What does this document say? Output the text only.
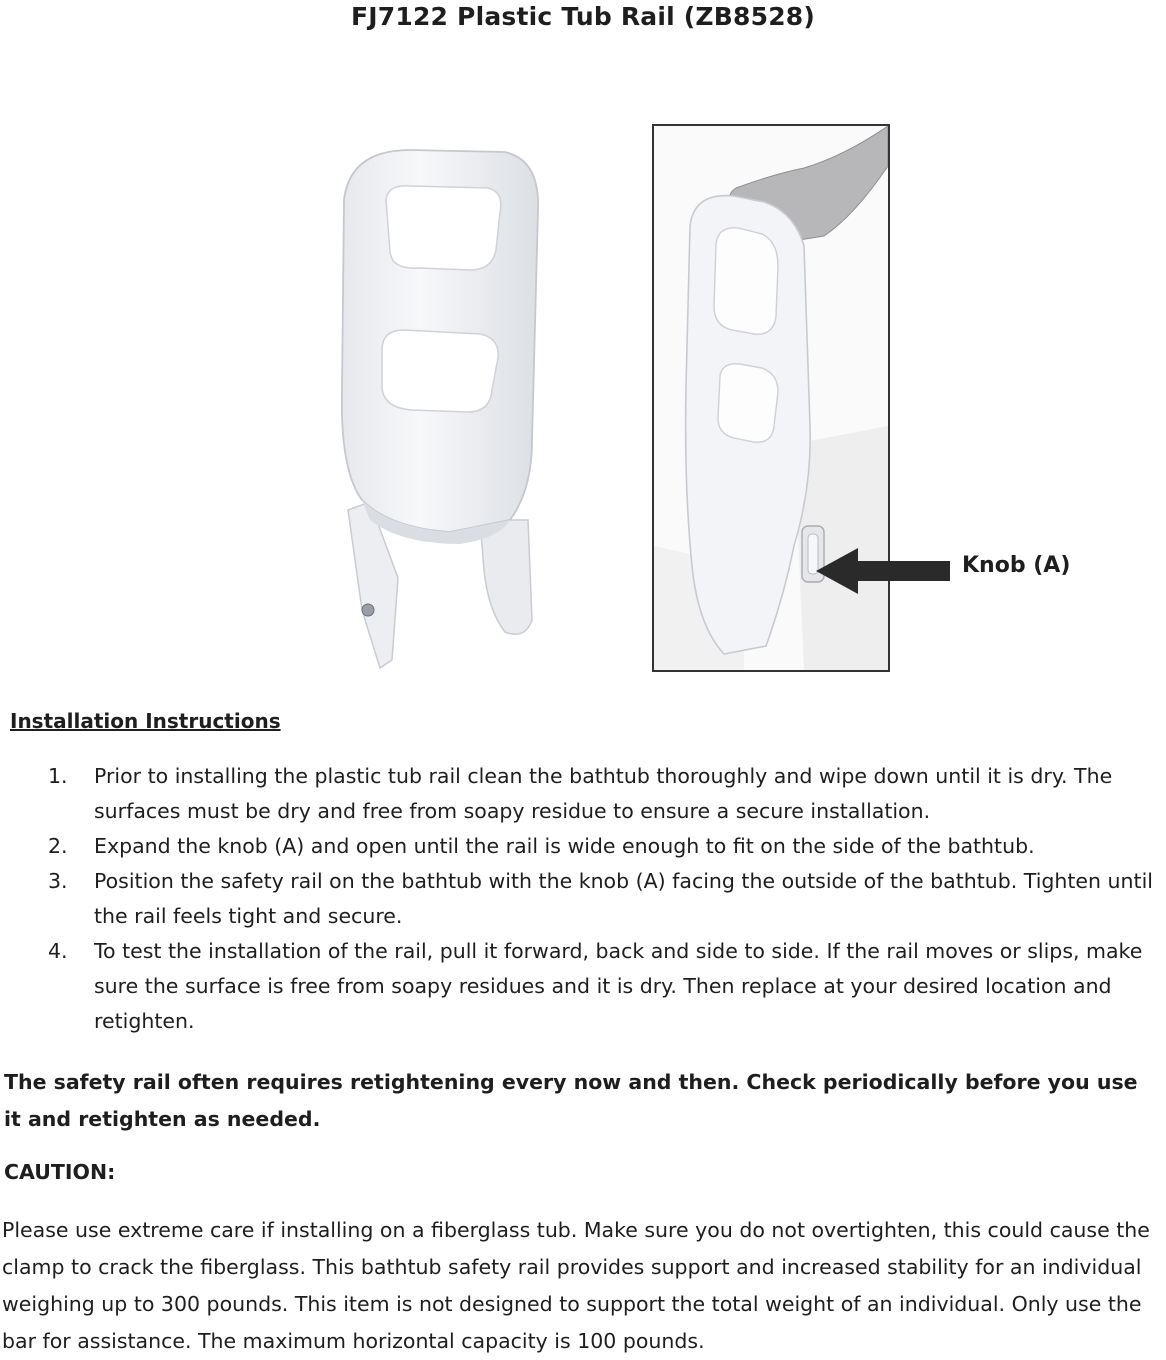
FJ7122 Plastic Tub Rail (ZB8528)
Knob (A)
Installation Instructions
1.	Prior to installing the plastic tub rail clean the bathtub thoroughly and wipe down until it is dry. The surfaces must be dry and free from soapy residue to ensure a secure installation.
2.	Expand the knob (A) and open until the rail is wide enough to fit on the side of the bathtub.
3.	Position the safety rail on the bathtub with the knob (A) facing the outside of the bathtub. Tighten until the rail feels tight and secure.
4.	To test the installation of the rail, pull it forward, back and side to side. If the rail moves or slips, make sure the surface is free from soapy residues and it is dry. Then replace at your desired location and retighten.
The safety rail often requires retightening every now and then. Check periodically before you use it and retighten as needed.
CAUTION:
Please use extreme care if installing on a fiberglass tub. Make sure you do not overtighten, this could cause the clamp to crack the fiberglass. This bathtub safety rail provides support and increased stability for an individual weighing up to 300 pounds. This item is not designed to support the total weight of an individual. Only use the bar for assistance. The maximum horizontal capacity is 100 pounds.
